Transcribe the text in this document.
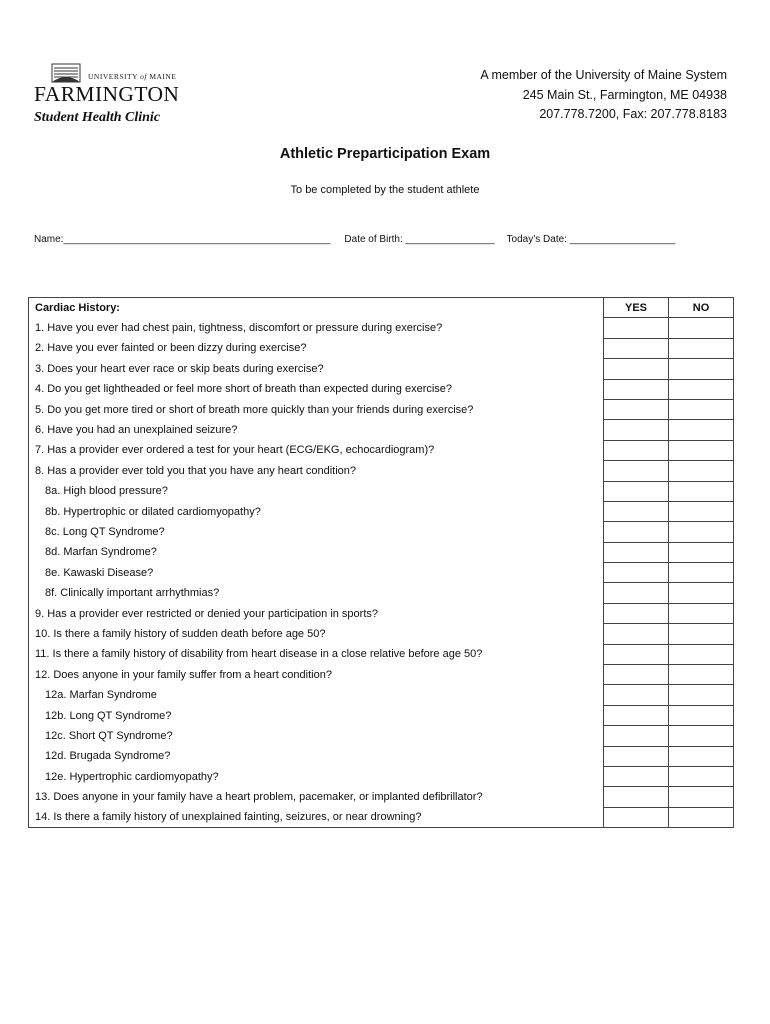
UNIVERSITY of MAINE
FARMINGTON
Student Health Clinic
A member of the University of Maine System
245 Main St., Farmington, ME 04938
207.778.7200, Fax: 207.778.8183
Athletic Preparticipation Exam
To be completed by the student athlete
Name:________________________________________________ Date of Birth: ________________ Today’s Date: ___________________
Cardiac History:	YES	NO
1. Have you ever had chest pain, tightness, discomfort or pressure during exercise?		
2. Have you ever fainted or been dizzy during exercise?		
3. Does your heart ever race or skip beats during exercise?		
4. Do you get lightheaded or feel more short of breath than expected during exercise?		
5. Do you get more tired or short of breath more quickly than your friends during exercise?		
6. Have you had an unexplained seizure?		
7. Has a provider ever ordered a test for your heart (ECG/EKG, echocardiogram)?		
8. Has a provider ever told you that you have any heart condition?		
8a. High blood pressure?		
8b. Hypertrophic or dilated cardiomyopathy?		
8c. Long QT Syndrome?		
8d. Marfan Syndrome?		
8e. Kawaski Disease?		
8f. Clinically important arrhythmias?		
9. Has a provider ever restricted or denied your participation in sports?		
10. Is there a family history of sudden death before age 50?		
11. Is there a family history of disability from heart disease in a close relative before age 50?		
12. Does anyone in your family suffer from a heart condition?		
12a. Marfan Syndrome		
12b. Long QT Syndrome?		
12c. Short QT Syndrome?		
12d. Brugada Syndrome?		
12e. Hypertrophic cardiomyopathy?		
13. Does anyone in your family have a heart problem, pacemaker, or implanted defibrillator?		
14. Is there a family history of unexplained fainting, seizures, or near drowning?		
